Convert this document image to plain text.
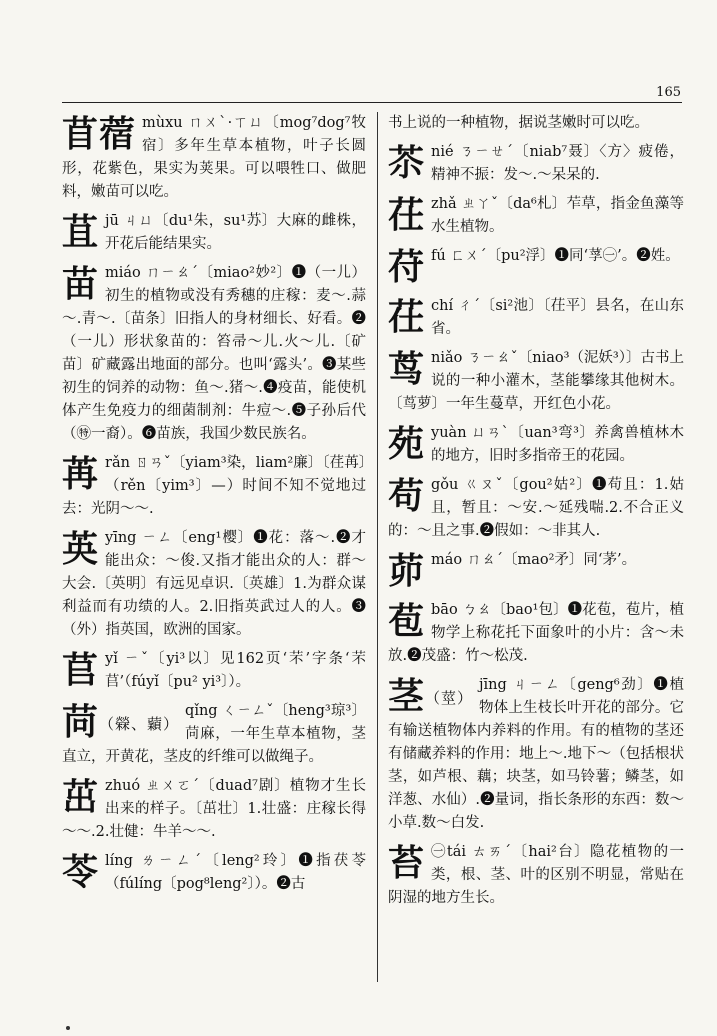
165
苜蓿 mùxu ㄇㄨˋ·ㄒㄩ〔mog⁷dog⁷牧宿〕多年生草本植物，叶子长圆形，花紫色，果实为荚果。可以喂牲口、做肥料，嫩苗可以吃。
苴 jū ㄐㄩ〔du¹朱，su¹苏〕大麻的雌株，开花后能结果实。
苗 miáo ㄇㄧㄠˊ〔miao²妙²〕❶（一儿）初生的植物或没有秀穗的庄稼：麦～.蒜～.青～.〔苗条〕旧指人的身材细长、好看。❷（一儿）形状象苗的：笞帚～儿.火～儿.〔矿苗〕矿藏露出地面的部分。也叫‘露头’。❸某些初生的饲养的动物：鱼～.猪～.❹疫苗，能使机体产生免疫力的细菌制剂：牛痘～.❺子孙后代（㊕一裔）。❻苗族，我国少数民族名。
苒 rǎn ㄖㄢˇ〔yiam³染，liam²廉〕〔荏苒〕（rěn〔yim³〕—）时间不知不觉地过去：光阴～～.
英 yīng ㄧㄥ〔eng¹樱〕❶花：落～.❷才能出众：～俊.又指才能出众的人：群～大会.〔英明〕有远见卓识.〔英雄〕1.为群众谋利益而有功绩的人。2.旧指英武过人的人。❸（外）指英国，欧洲的国家。
苢 yǐ ㄧˇ〔yi³以〕见162页‘芣’字条‘芣苢’（fúyǐ〔pu² yi³〕）。
苘（檾、蘔）
qǐng ㄑㄧㄥˇ〔heng³琼³〕苘麻，一年生草本植物，茎直立，开黄花，茎皮的纤维可以做绳子。
茁 zhuó ㄓㄨㄛˊ〔duad⁷剧〕植物才生长出来的样子。〔茁壮〕1.壮盛：庄稼长得～～.2.壮健：牛羊～～.
苓 líng ㄌㄧㄥˊ〔leng²玲〕❶指茯苓（fúlíng〔pog⁸leng²〕）。❷古
书上说的一种植物，据说茎嫩时可以吃。
苶 nié ㄋㄧㄝˊ〔niab⁷聂〕〈方〉疲倦，精神不振：发～.～呆呆的.
茌 zhǎ ㄓㄚˇ〔da⁶札〕苲草，指金鱼藻等水生植物。
苻 fú ㄈㄨˊ〔pu²浮〕❶同‘莩㊀’。❷姓。
茌 chí ㄔˊ〔si²池〕〔茌平〕县名，在山东省。
茑 niǎo ㄋㄧㄠˇ〔niao³（泥妖³）〕古书上说的一种小灌木，茎能攀缘其他树木。〔茑萝〕一年生蔓草，开红色小花。
苑 yuàn ㄩㄢˋ〔uan³弯³〕养禽兽植林木的地方，旧时多指帝王的花园。
苟 gǒu ㄍㄡˇ〔gou²姑²〕❶苟且：1.姑且，暂且：～安.～延残喘.2.不合正义的：～且之事.❷假如：～非其人.
茆 máo ㄇㄠˊ〔mao²矛〕同‘茅’。
苞 bāo ㄅㄠ〔bao¹包〕❶花苞，苞片，植物学上称花托下面象叶的小片：含～未放.❷茂盛：竹～松茂.
茎（莖）
jīng ㄐㄧㄥ〔geng⁶劲〕❶植物体上生枝长叶开花的部分。它有输送植物体内养料的作用。有的植物的茎还有储藏养料的作用：地上～.地下～（包括根状茎，如芦根、藕；块茎，如马铃薯；鳞茎，如洋葱、水仙）.❷量词，指长条形的东西：数～小草.数～白发.
苔 ㊀tái ㄊㄞˊ〔hai²台〕隐花植物的一类，根、茎、叶的区别不明显，常贴在阴湿的地方生长。
